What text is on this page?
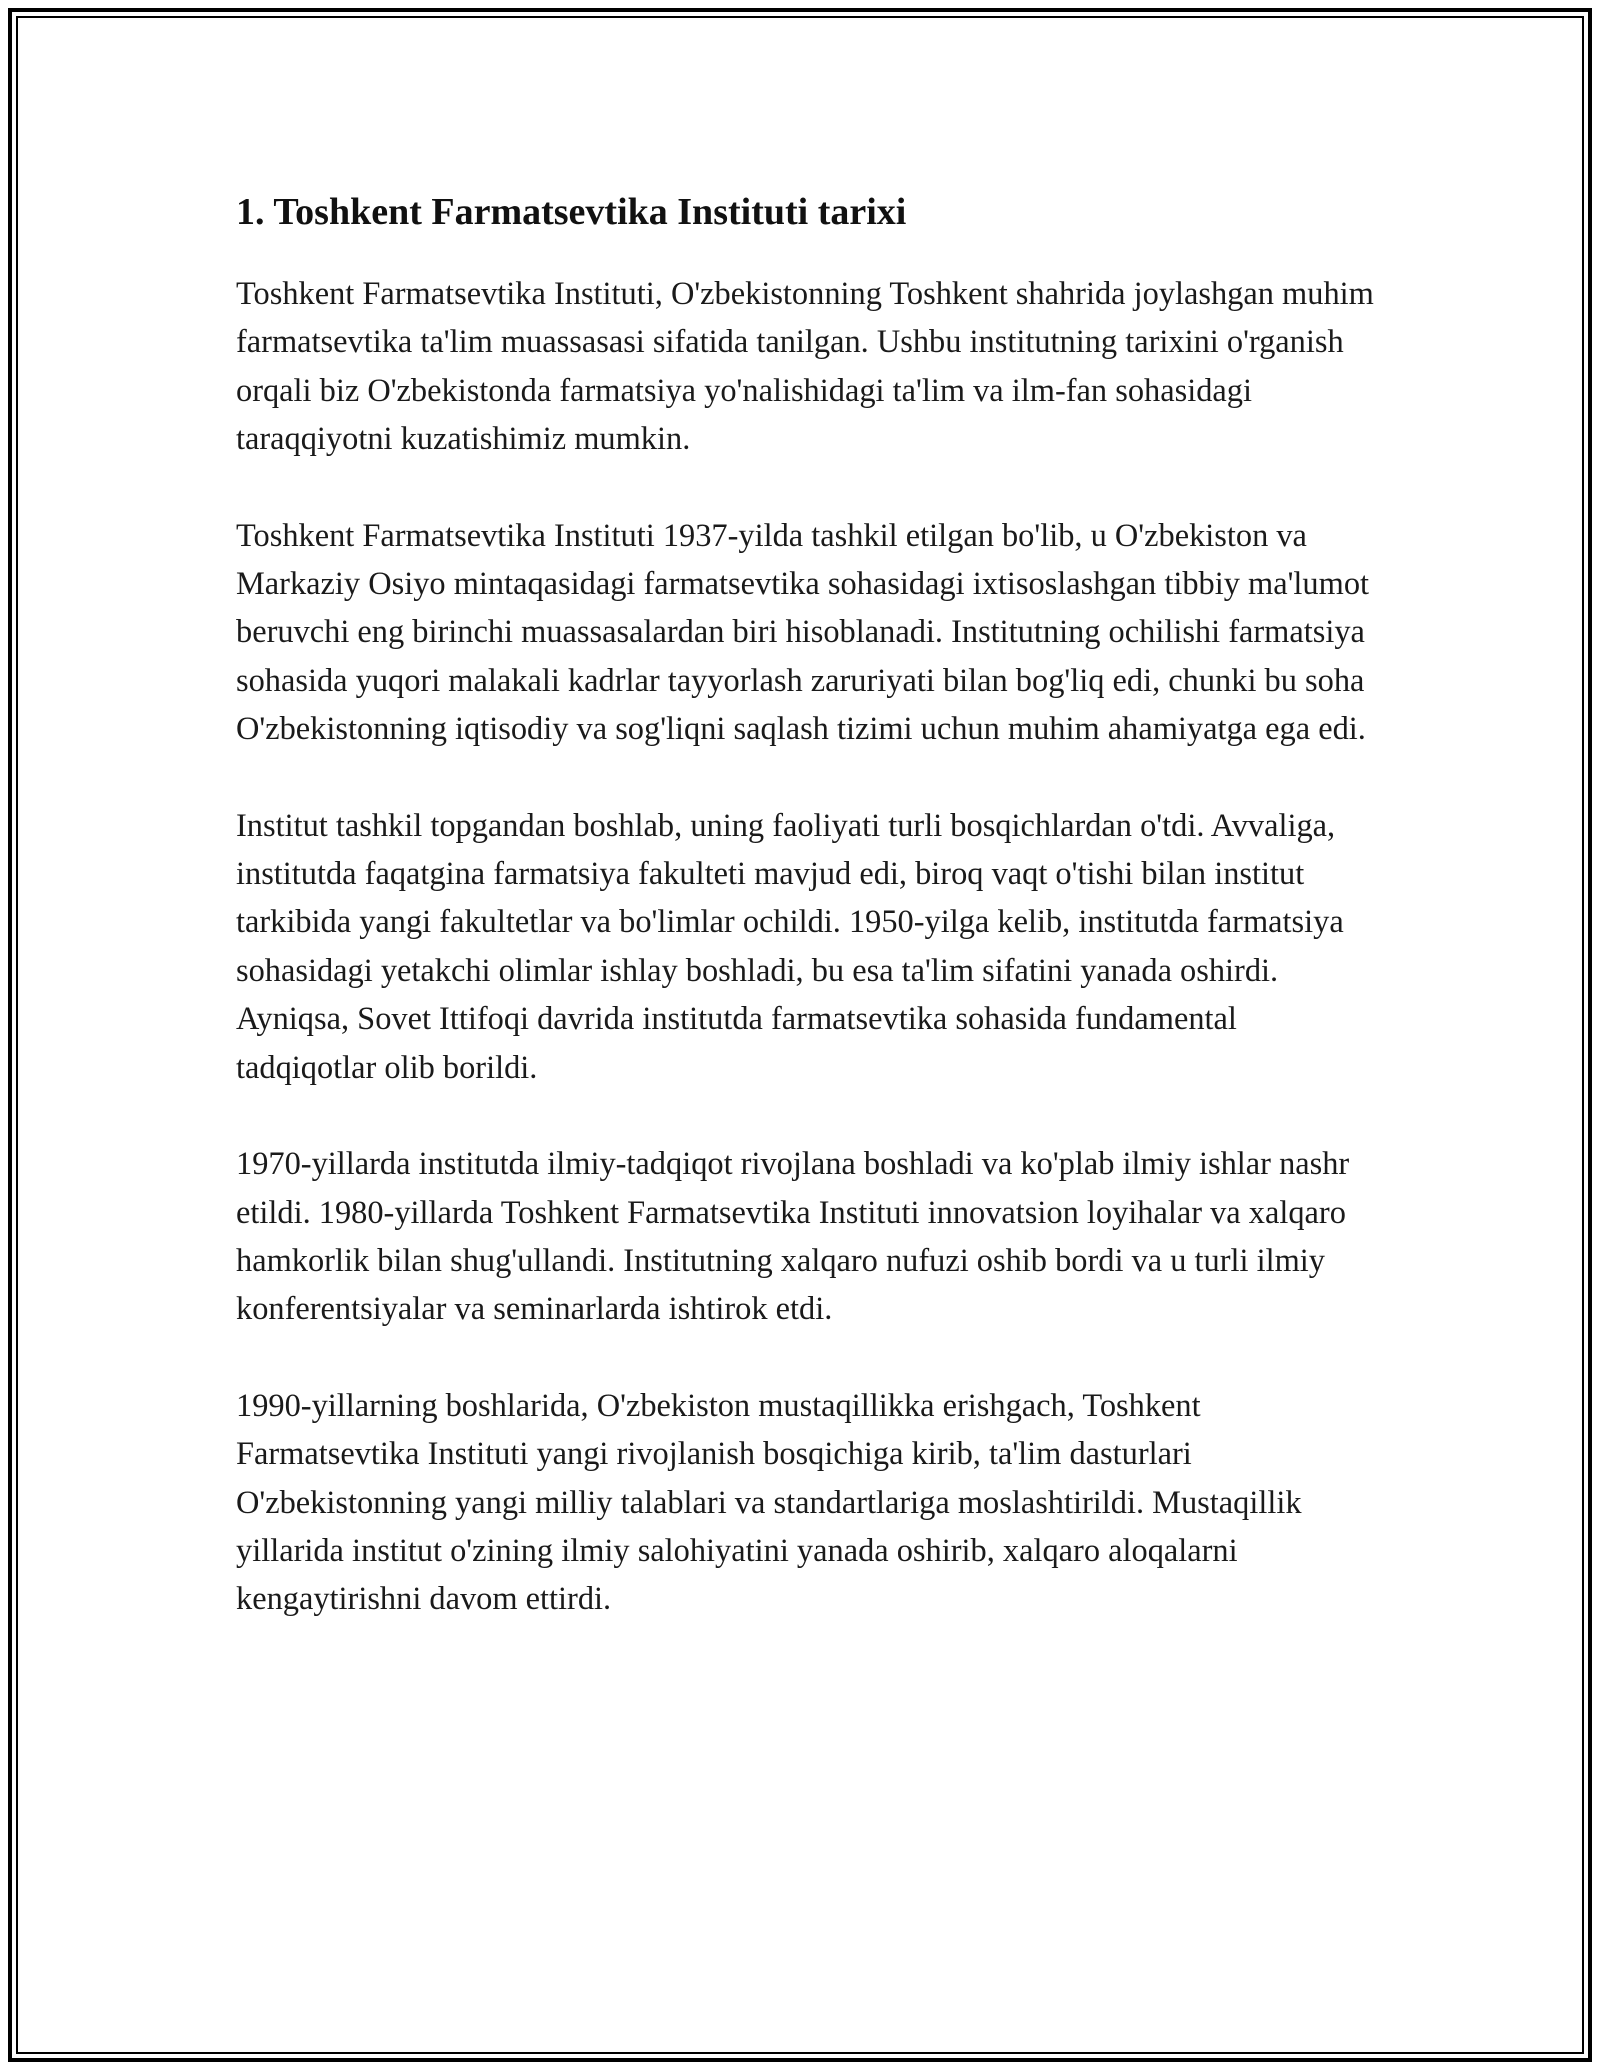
1. Toshkent Farmatsevtika Instituti tarixi

Toshkent Farmatsevtika Instituti, O'zbekistonning Toshkent shahrida joylashgan muhim farmatsevtika ta'lim muassasasi sifatida tanilgan. Ushbu institutning tarixini o'rganish orqali biz O'zbekistonda farmatsiya yo'nalishidagi ta'lim va ilm-fan sohasidagi taraqqiyotni kuzatishimiz mumkin.

Toshkent Farmatsevtika Instituti 1937-yilda tashkil etilgan bo'lib, u O'zbekiston va Markaziy Osiyo mintaqasidagi farmatsevtika sohasidagi ixtisoslashgan tibbiy ma'lumot beruvchi eng birinchi muassasalardan biri hisoblanadi. Institutning ochilishi farmatsiya sohasida yuqori malakali kadrlar tayyorlash zaruriyati bilan bog'liq edi, chunki bu soha O'zbekistonning iqtisodiy va sog'liqni saqlash tizimi uchun muhim ahamiyatga ega edi.

Institut tashkil topgandan boshlab, uning faoliyati turli bosqichlardan o'tdi. Avvaliga, institutda faqatgina farmatsiya fakulteti mavjud edi, biroq vaqt o'tishi bilan institut tarkibida yangi fakultetlar va bo'limlar ochildi. 1950-yilga kelib, institutda farmatsiya sohasidagi yetakchi olimlar ishlay boshladi, bu esa ta'lim sifatini yanada oshirdi. Ayniqsa, Sovet Ittifoqi davrida institutda farmatsevtika sohasida fundamental tadqiqotlar olib borildi.

1970-yillarda institutda ilmiy-tadqiqot rivojlana boshladi va ko'plab ilmiy ishlar nashr etildi. 1980-yillarda Toshkent Farmatsevtika Instituti innovatsion loyihalar va xalqaro hamkorlik bilan shug'ullandi. Institutning xalqaro nufuzi oshib bordi va u turli ilmiy konferentsiyalar va seminarlarda ishtirok etdi.

1990-yillarning boshlarida, O'zbekiston mustaqillikka erishgach, Toshkent Farmatsevtika Instituti yangi rivojlanish bosqichiga kirib, ta'lim dasturlari O'zbekistonning yangi milliy talablari va standartlariga moslashtirildi. Mustaqillik yillarida institut o'zining ilmiy salohiyatini yanada oshirib, xalqaro aloqalarni kengaytirishni davom ettirdi.
